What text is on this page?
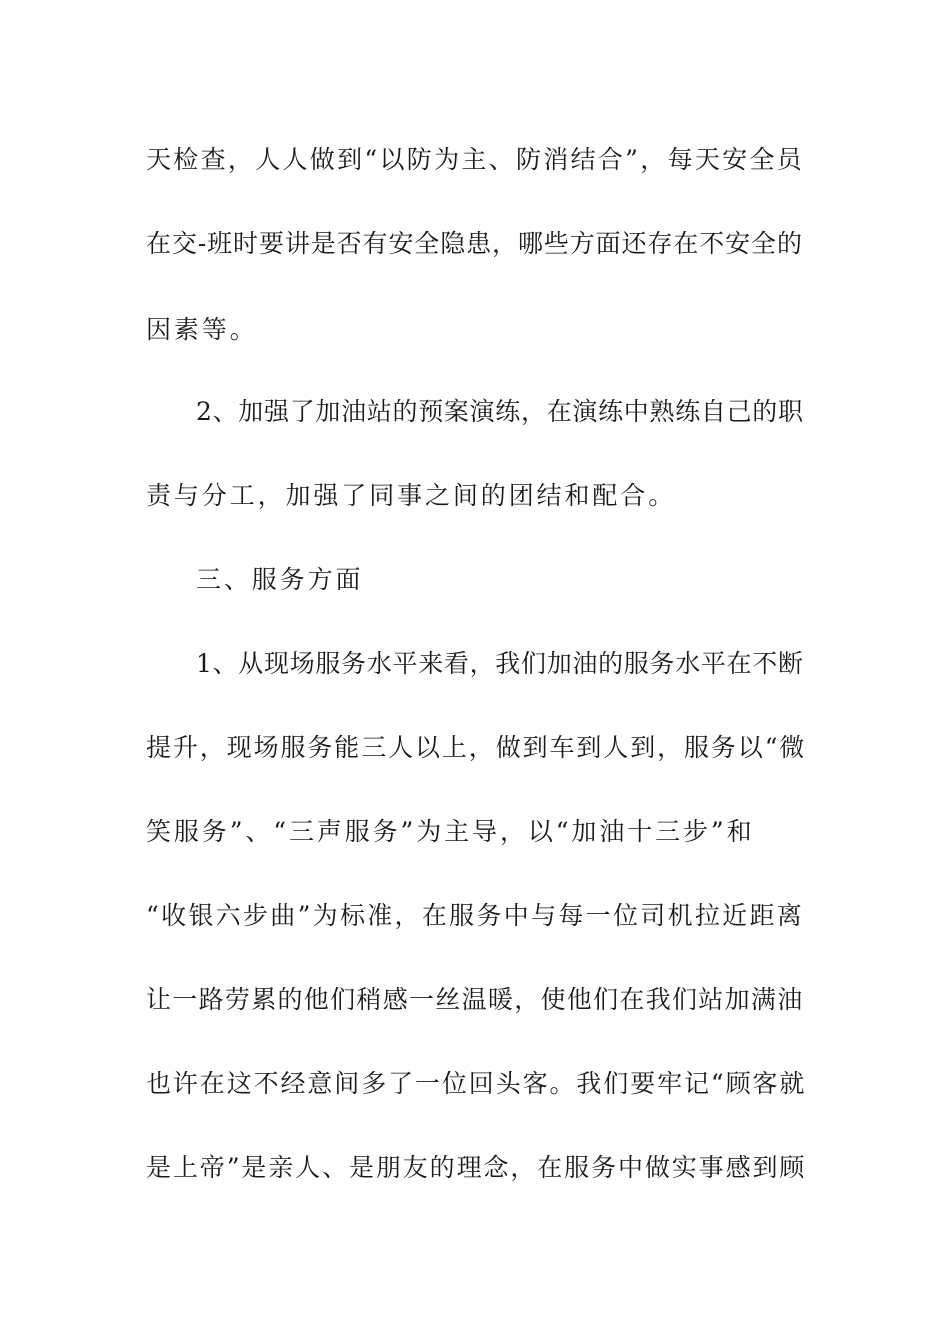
天检查，人人做到“以防为主、防消结合”，每天安全员
在交-班时要讲是否有安全隐患，哪些方面还存在不安全的
因素等。
2、加强了加油站的预案演练，在演练中熟练自己的职
责与分工，加强了同事之间的团结和配合。
三、服务方面
1、从现场服务水平来看，我们加油的服务水平在不断
提升，现场服务能三人以上，做到车到人到，服务以“微
笑服务”、“三声服务”为主导，以“加油十三步”和
“收银六步曲”为标准，在服务中与每一位司机拉近距离
让一路劳累的他们稍感一丝温暖，使他们在我们站加满油
也许在这不经意间多了一位回头客。我们要牢记“顾客就
是上帝”是亲人、是朋友的理念，在服务中做实事感到顾
